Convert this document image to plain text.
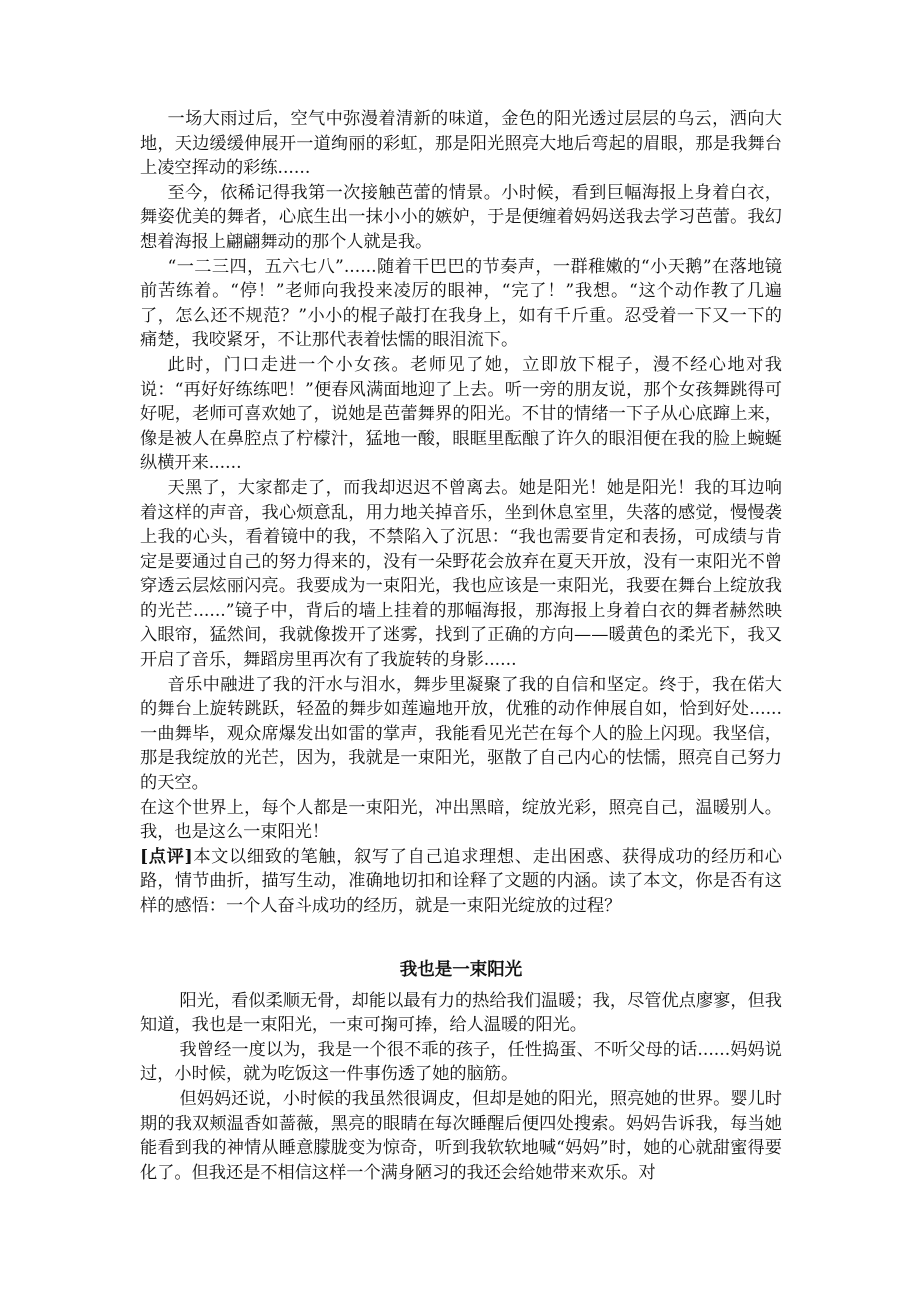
一场大雨过后，空气中弥漫着清新的味道，金色的阳光透过层层的乌云，洒向大地，天边缓缓伸展开一道绚丽的彩虹，那是阳光照亮大地后弯起的眉眼，那是我舞台上凌空挥动的彩练......

至今，依稀记得我第一次接触芭蕾的情景。小时候，看到巨幅海报上身着白衣，舞姿优美的舞者，心底生出一抹小小的嫉妒，于是便缠着妈妈送我去学习芭蕾。我幻想着海报上翩翩舞动的那个人就是我。

“一二三四，五六七八”......随着干巴巴的节奏声，一群稚嫩的“小天鹅”在落地镜前苦练着。“停！”老师向我投来凌厉的眼神，“完了！”我想。“这个动作教了几遍了，怎么还不规范？”小小的棍子敲打在我身上，如有千斤重。忍受着一下又一下的痛楚，我咬紧牙，不让那代表着怯懦的眼泪流下。

此时，门口走进一个小女孩。老师见了她，立即放下棍子，漫不经心地对我说：“再好好练练吧！”便春风满面地迎了上去。听一旁的朋友说，那个女孩舞跳得可好呢，老师可喜欢她了，说她是芭蕾舞界的阳光。不甘的情绪一下子从心底蹿上来，像是被人在鼻腔点了柠檬汁，猛地一酸，眼眶里酝酿了许久的眼泪便在我的脸上蜿蜒纵横开来......

天黑了，大家都走了，而我却迟迟不曾离去。她是阳光！她是阳光！我的耳边响着这样的声音，我心烦意乱，用力地关掉音乐，坐到休息室里，失落的感觉，慢慢袭上我的心头，看着镜中的我，不禁陷入了沉思：“我也需要肯定和表扬，可成绩与肯定是要通过自己的努力得来的，没有一朵野花会放弃在夏天开放，没有一束阳光不曾穿透云层炫丽闪亮。我要成为一束阳光，我也应该是一束阳光，我要在舞台上绽放我的光芒......”镜子中，背后的墙上挂着的那幅海报，那海报上身着白衣的舞者赫然映入眼帘，猛然间，我就像拨开了迷雾，找到了正确的方向——暖黄色的柔光下，我又开启了音乐，舞蹈房里再次有了我旋转的身影......

音乐中融进了我的汗水与泪水，舞步里凝聚了我的自信和坚定。终于，我在偌大的舞台上旋转跳跃，轻盈的舞步如莲遍地开放，优雅的动作伸展自如，恰到好处......一曲舞毕，观众席爆发出如雷的掌声，我能看见光芒在每个人的脸上闪现。我坚信，那是我绽放的光芒，因为，我就是一束阳光，驱散了自己内心的怯懦，照亮自己努力的天空。

在这个世界上，每个人都是一束阳光，冲出黑暗，绽放光彩，照亮自己，温暖别人。我，也是这么一束阳光！

[点评]本文以细致的笔触，叙写了自己追求理想、走出困惑、获得成功的经历和心路，情节曲折，描写生动，准确地切扣和诠释了文题的内涵。读了本文，你是否有这样的感悟：一个人奋斗成功的经历，就是一束阳光绽放的过程？

我也是一束阳光

阳光，看似柔顺无骨，却能以最有力的热给我们温暖；我，尽管优点廖寥，但我知道，我也是一束阳光，一束可掬可捧，给人温暖的阳光。

我曾经一度以为，我是一个很不乖的孩子，任性捣蛋、不听父母的话......妈妈说过，小时候，就为吃饭这一件事伤透了她的脑筋。

但妈妈还说，小时候的我虽然很调皮，但却是她的阳光，照亮她的世界。婴儿时期的我双颊温香如蔷薇，黑亮的眼睛在每次睡醒后便四处搜索。妈妈告诉我，每当她能看到我的神情从睡意朦胧变为惊奇，听到我软软地喊“妈妈”时，她的心就甜蜜得要化了。但我还是不相信这样一个满身陋习的我还会给她带来欢乐。对
